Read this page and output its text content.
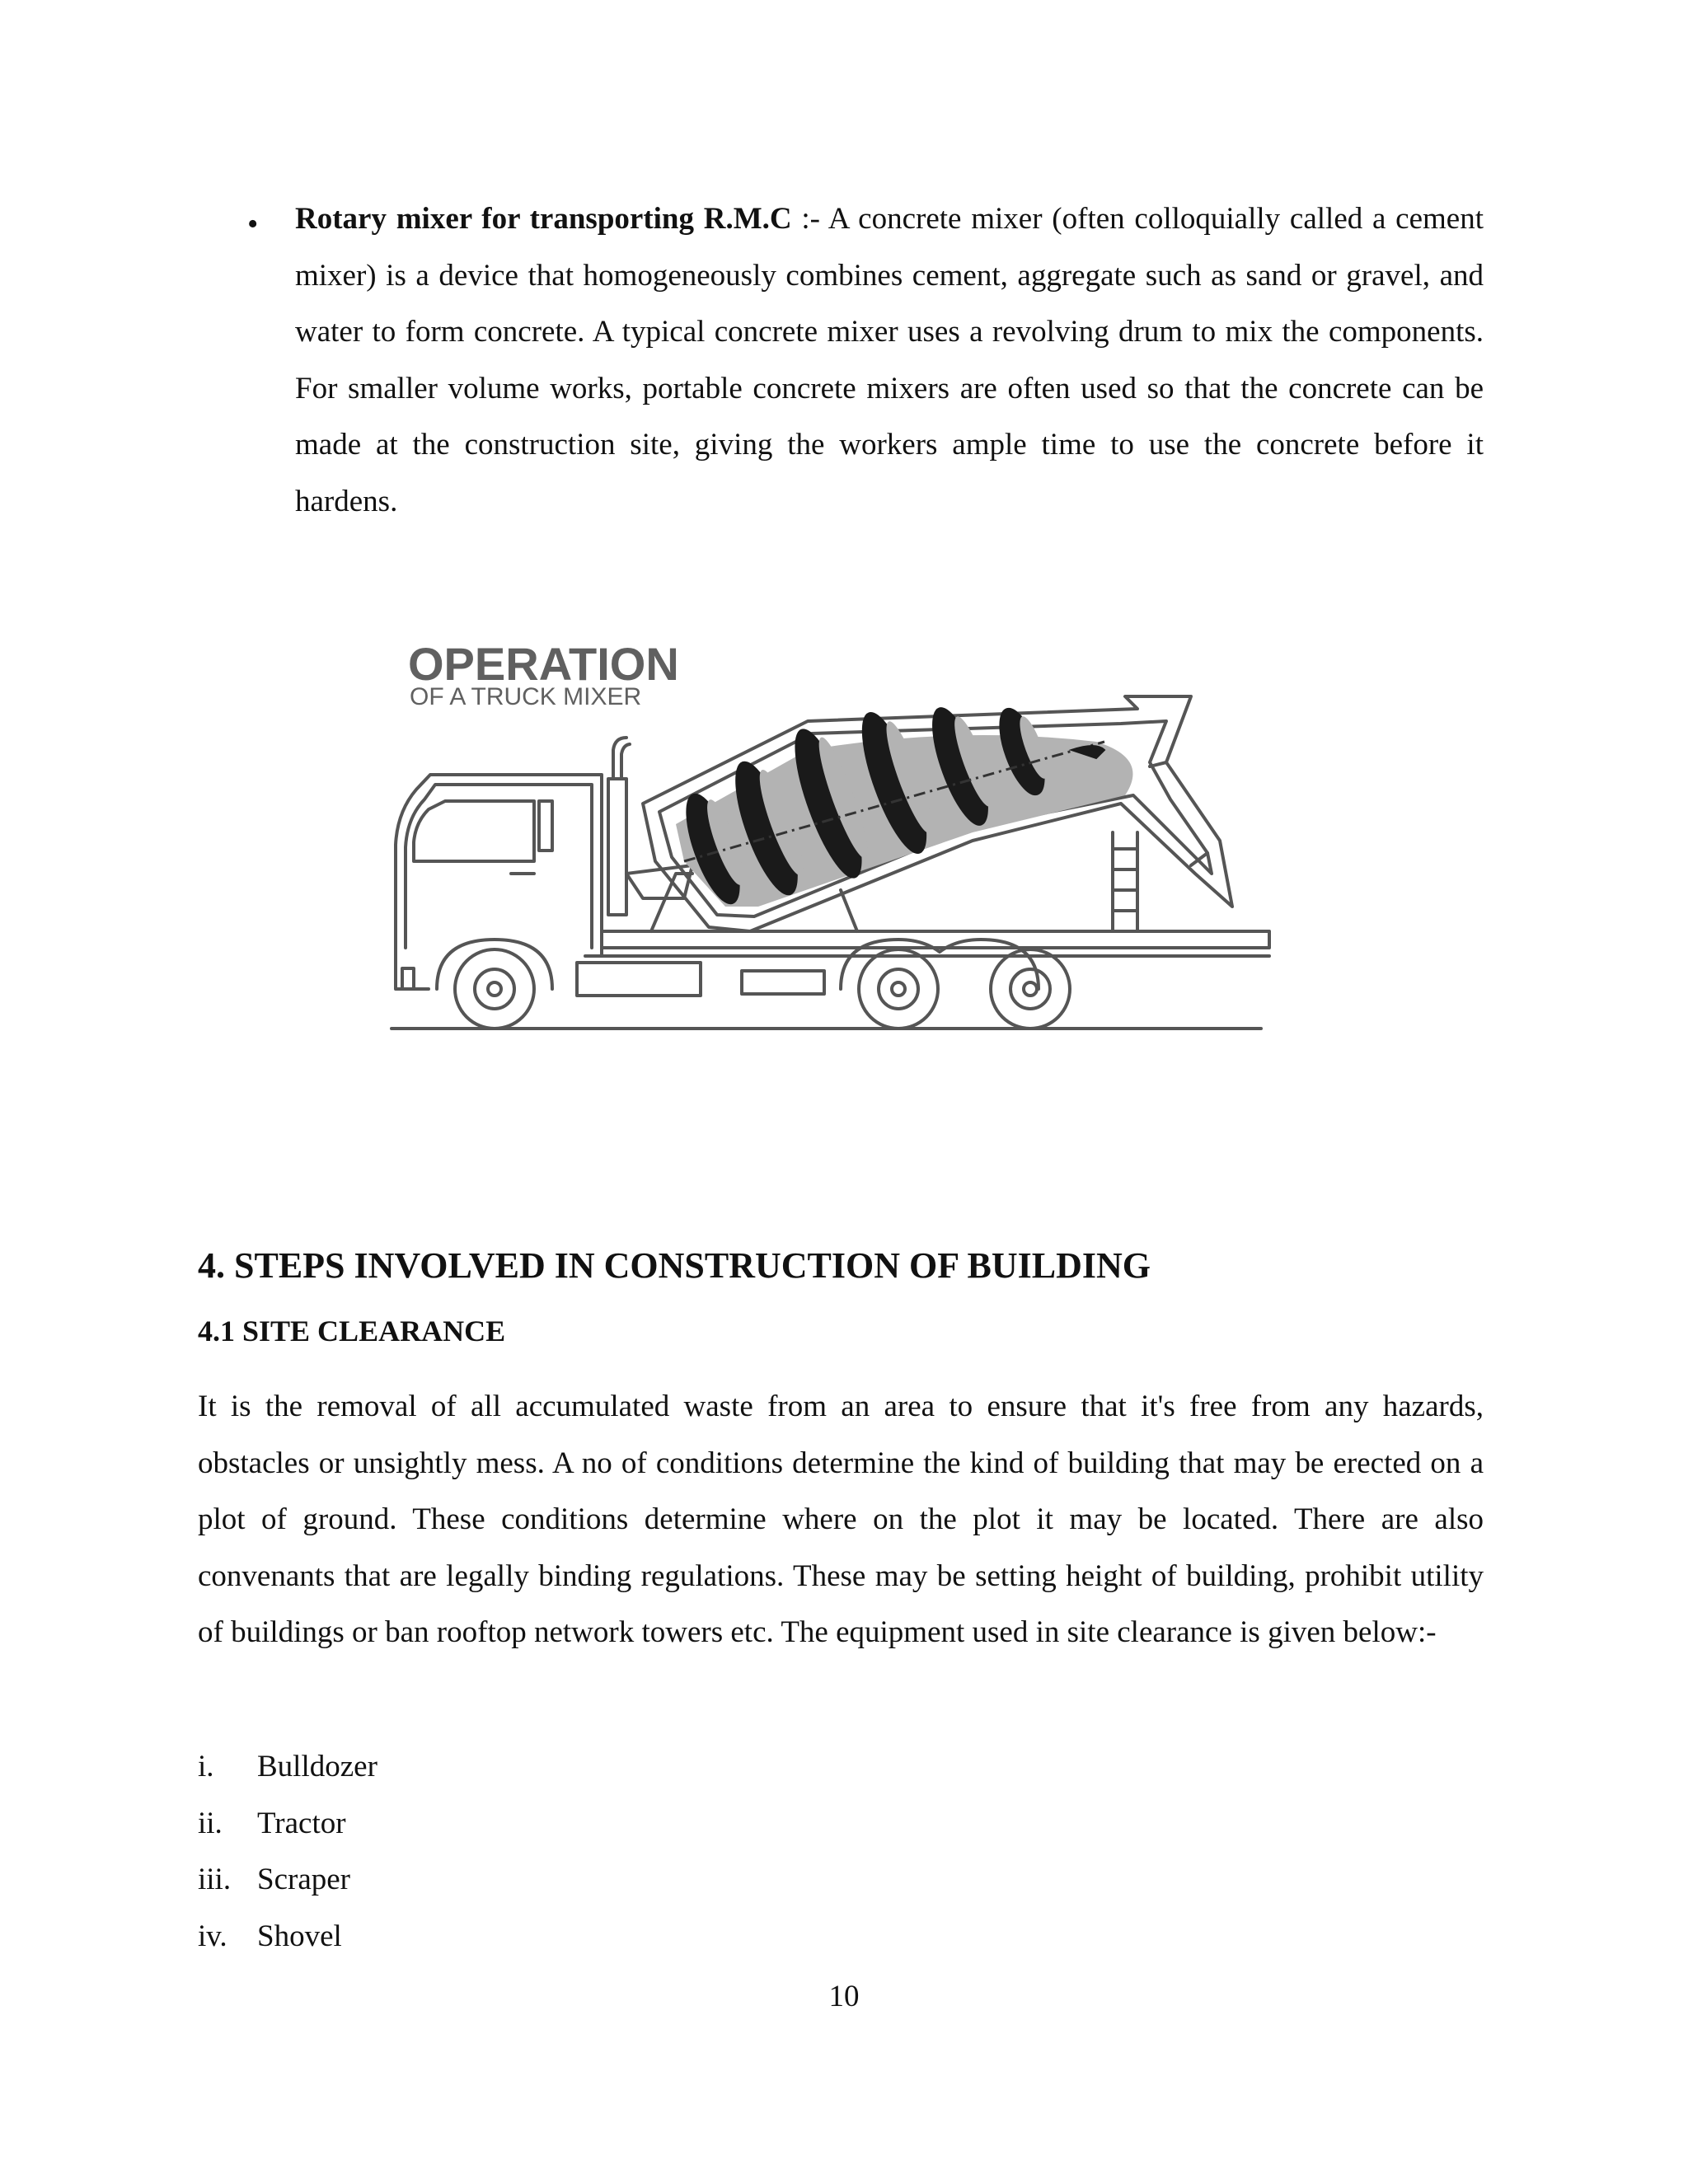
• Rotary mixer for transporting R.M.C :- A concrete mixer (often colloquially called a cement mixer) is a device that homogeneously combines cement, aggregate such as sand or gravel, and water to form concrete. A typical concrete mixer uses a revolving drum to mix the components. For smaller volume works, portable concrete mixers are often used so that the concrete can be made at the construction site, giving the workers ample time to use the concrete before it hardens.
OPERATION
OF A TRUCK MIXER
4. STEPS INVOLVED IN CONSTRUCTION OF BUILDING
4.1 SITE CLEARANCE
It is the removal of all accumulated waste from an area to ensure that it's free from any hazards, obstacles or unsightly mess. A no of conditions determine the kind of building that may be erected on a plot of ground. These conditions determine where on the plot it may be located. There are also convenants that are legally binding regulations. These may be setting height of building, prohibit utility of buildings or ban rooftop network towers etc. The equipment used in site clearance is given below:-
i.	Bulldozer
ii.	Tractor
iii. Scraper
iv. Shovel
10
